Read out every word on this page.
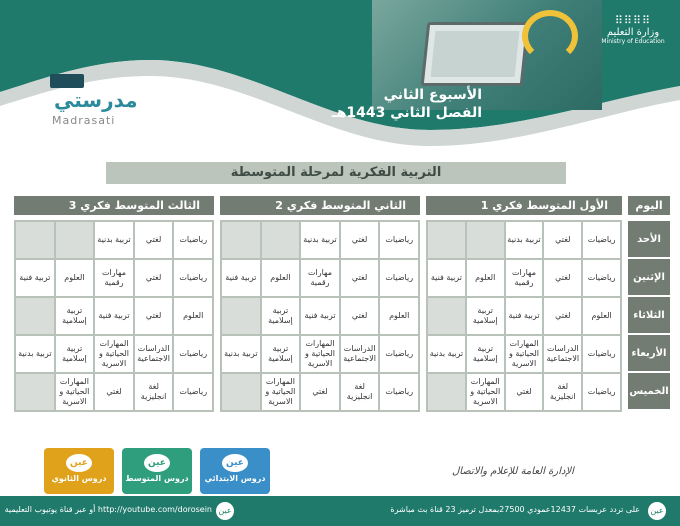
⠿⠿⠿⠿
وزارة التعليم
Ministry of Education
الأسبوع الثاني
الفصل الثاني 1443هـ
مدرستي
Madrasati
التربية الفكرية لمرحلة المتوسطة
الأول المتوسط فكري 1
الثاني المتوسط فكري 2
الثالث المتوسط فكري 3	اليوم
الأحد
الإثنين
الثلاثاء
الأربعاء
الخميس
رياضيات
لغتي
تربية بدنية
رياضيات
لغتي
مهارات رقمية
العلوم
تربية فنية
العلوم
لغتي
تربية فنية
تربية إسلامية
رياضيات
الدراسات الاجتماعية
المهارات الحياتية و الاسرية
تربية إسلامية
تربية بدنية
رياضيات
لغة انجليزية
لغتي
المهارات الحياتية و الاسرية
رياضيات
لغتي
تربية بدنية
رياضيات
لغتي
مهارات رقمية
العلوم
تربية فنية
العلوم
لغتي
تربية فنية
تربية إسلامية
رياضيات
الدراسات الاجتماعية
المهارات الحياتية و الاسرية
تربية إسلامية
تربية بدنية
رياضيات
لغة انجليزية
لغتي
المهارات الحياتية و الاسرية
رياضيات
لغتي
تربية بدنية
رياضيات
لغتي
مهارات رقمية
العلوم
تربية فنية
العلوم
لغتي
تربية فنية
تربية إسلامية
رياضيات
الدراسات الاجتماعية
المهارات الحياتية و الاسرية
تربية إسلامية
تربية بدنية
رياضيات
لغة انجليزية
لغتي
المهارات الحياتية و الاسرية
الإدارة العامة للإعلام والاتصال
عين
دروس الابتدائي
عين
دروس المتوسط
عين
دروس الثانوي
عين
على تردد عربسات 12437عمودي 27500بمعدل ترميز 23 قناة بث مباشرة
عين
أو عبر قناة يوتيوب التعليمية http://youtube.com/dorosein
